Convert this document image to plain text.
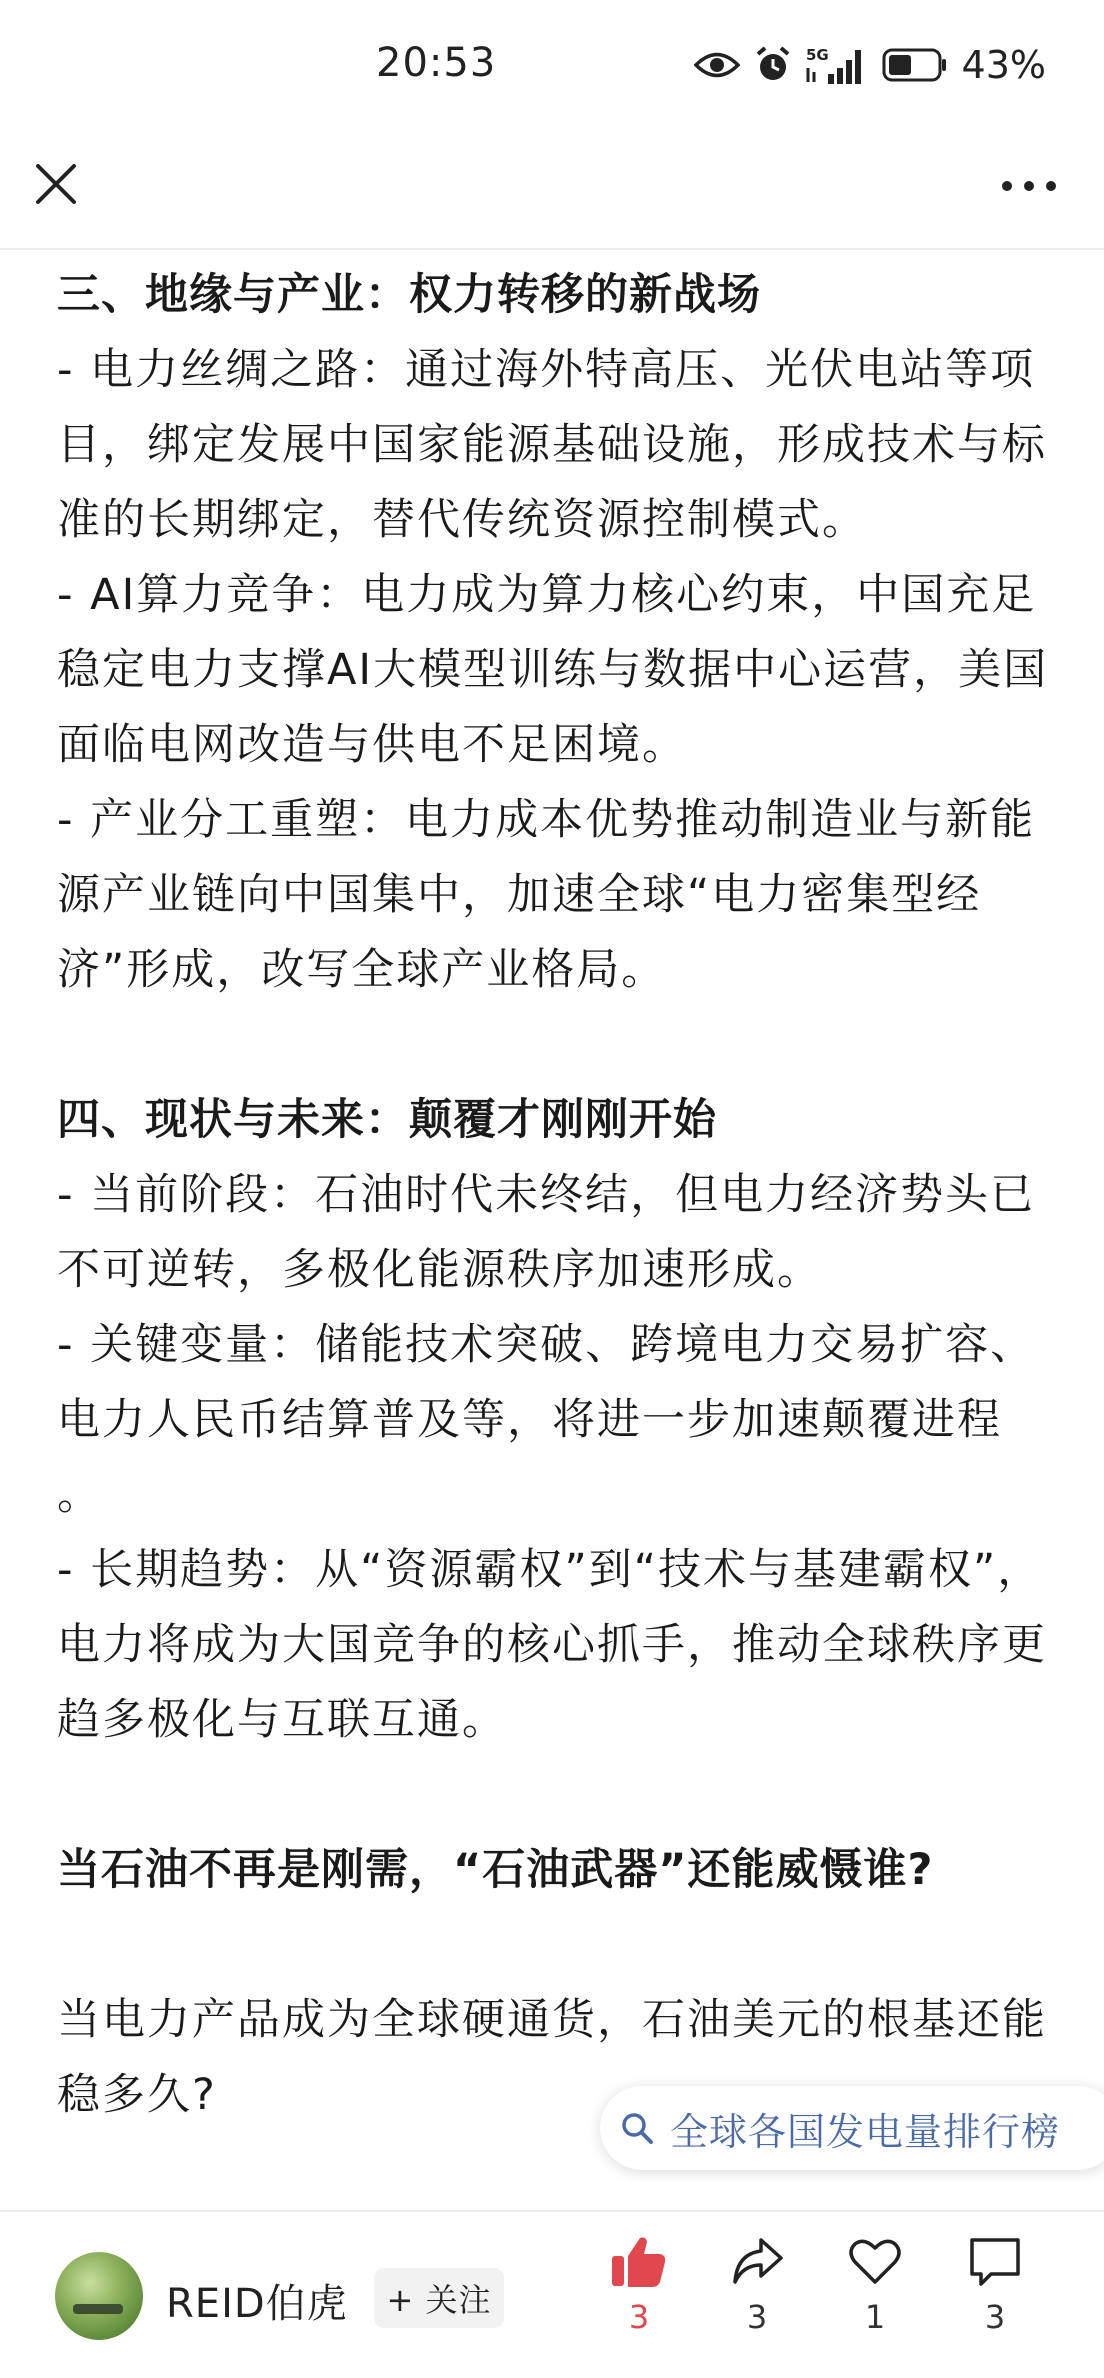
20:53	5G	43%

三、地缘与产业：权力转移的新战场

- 电力丝绸之路：通过海外特高压、光伏电站等项目，绑定发展中国家能源基础设施，形成技术与标准的长期绑定，替代传统资源控制模式。

- AI算力竞争：电力成为算力核心约束，中国充足稳定电力支撑AI大模型训练与数据中心运营，美国面临电网改造与供电不足困境。

- 产业分工重塑：电力成本优势推动制造业与新能源产业链向中国集中，加速全球“电力密集型经济”形成，改写全球产业格局。

四、现状与未来：颠覆才刚刚开始

- 当前阶段：石油时代未终结，但电力经济势头已不可逆转，多极化能源秩序加速形成。

- 关键变量：储能技术突破、跨境电力交易扩容、电力人民币结算普及等，将进一步加速颠覆进程 。

- 长期趋势：从“资源霸权”到“技术与基建霸权”，电力将成为大国竞争的核心抓手，推动全球秩序更趋多极化与互联互通。

当石油不再是刚需，“石油武器”还能威慑谁?

当电力产品成为全球硬通货，石油美元的根基还能稳多久?

全球各国发电量排行榜
REID伯虎	+ 关注	3	3	1	3
